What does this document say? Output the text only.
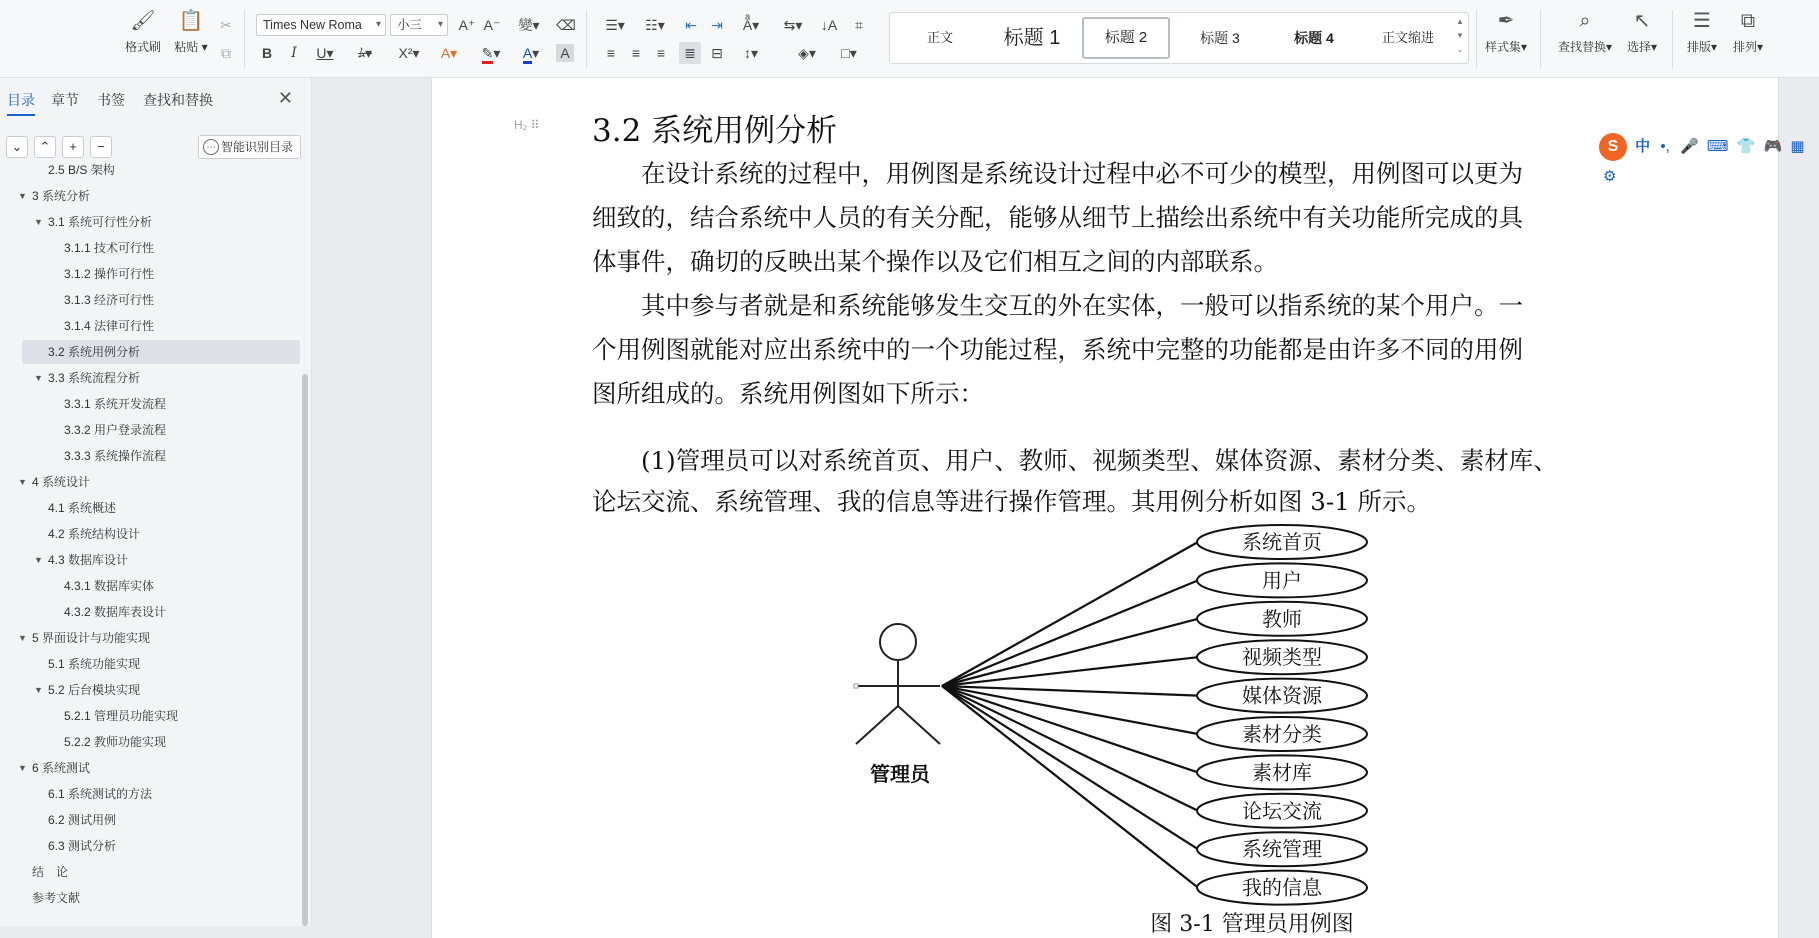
🖌
格式刷
📋
粘贴 ▾
✂
⧉
Times New Roma ▾	小三 ▾ A⁺ A⁻	變▾	⌫
B	I	U▾	ﾑ▾	X²▾	A▾	✎▾	A▾	A
☰▾	☷▾	⇤	⇥	Aͣ▾	⇆▾	↓A	⌗
≡	≡	≡	≣	⊟	↕▾	◈▾	□▾
正文	标题 1	标题 2	标题 3	标题 4	正文缩进
▲
▼
⌄
✒
样式集▾
⌕
查找替换▾
↖
选择▾
☰
排版▾
⧉
排列▾
目录 章节 书签 查找和替换	✕
⌄	⌃	+	−	⋯ 智能识别目录
2.5 B/S 架构
▼ 3 系统分析
▼ 3.1 系统可行性分析
3.1.1 技术可行性
3.1.2 操作可行性
3.1.3 经济可行性
3.1.4 法律可行性
3.2 系统用例分析
▼ 3.3 系统流程分析
3.3.1 系统开发流程
3.3.2 用户登录流程
3.3.3 系统操作流程
▼ 4 系统设计
4.1 系统概述
4.2 系统结构设计
▼ 4.3 数据库设计
4.3.1 数据库实体
4.3.2 数据库表设计
▼ 5 界面设计与功能实现
5.1 系统功能实现
▼ 5.2 后台模块实现
5.2.1 管理员功能实现
5.2.2 教师功能实现
▼ 6 系统测试
6.1 系统测试的方法
6.2 测试用例
6.3 测试分析
结　论
参考文献
H₂ ⠿ 3.2 系统用例分析
　　在设计系统的过程中，用例图是系统设计过程中必不可少的模型，用例图可以更为
细致的，结合系统中人员的有关分配，能够从细节上描绘出系统中有关功能所完成的具
体事件，确切的反映出某个操作以及它们相互之间的内部联系。
　　其中参与者就是和系统能够发生交互的外在实体，一般可以指系统的某个用户。一
个用例图就能对应出系统中的一个功能过程，系统中完整的功能都是由许多不同的用例
图所组成的。系统用例图如下所示：
　　(1)管理员可以对系统首页、用户、教师、视频类型、媒体资源、素材分类、素材库、
论坛交流、系统管理、我的信息等进行操作管理。其用例分析如图 3-1 所示。
管理员
系统首页
用户
教师
视频类型
媒体资源
素材分类
素材库
论坛交流
系统管理
我的信息
图 3-1 管理员用例图
S 中 •, 🎤 ⌨ 👕 🎮 ▦ ⚙
